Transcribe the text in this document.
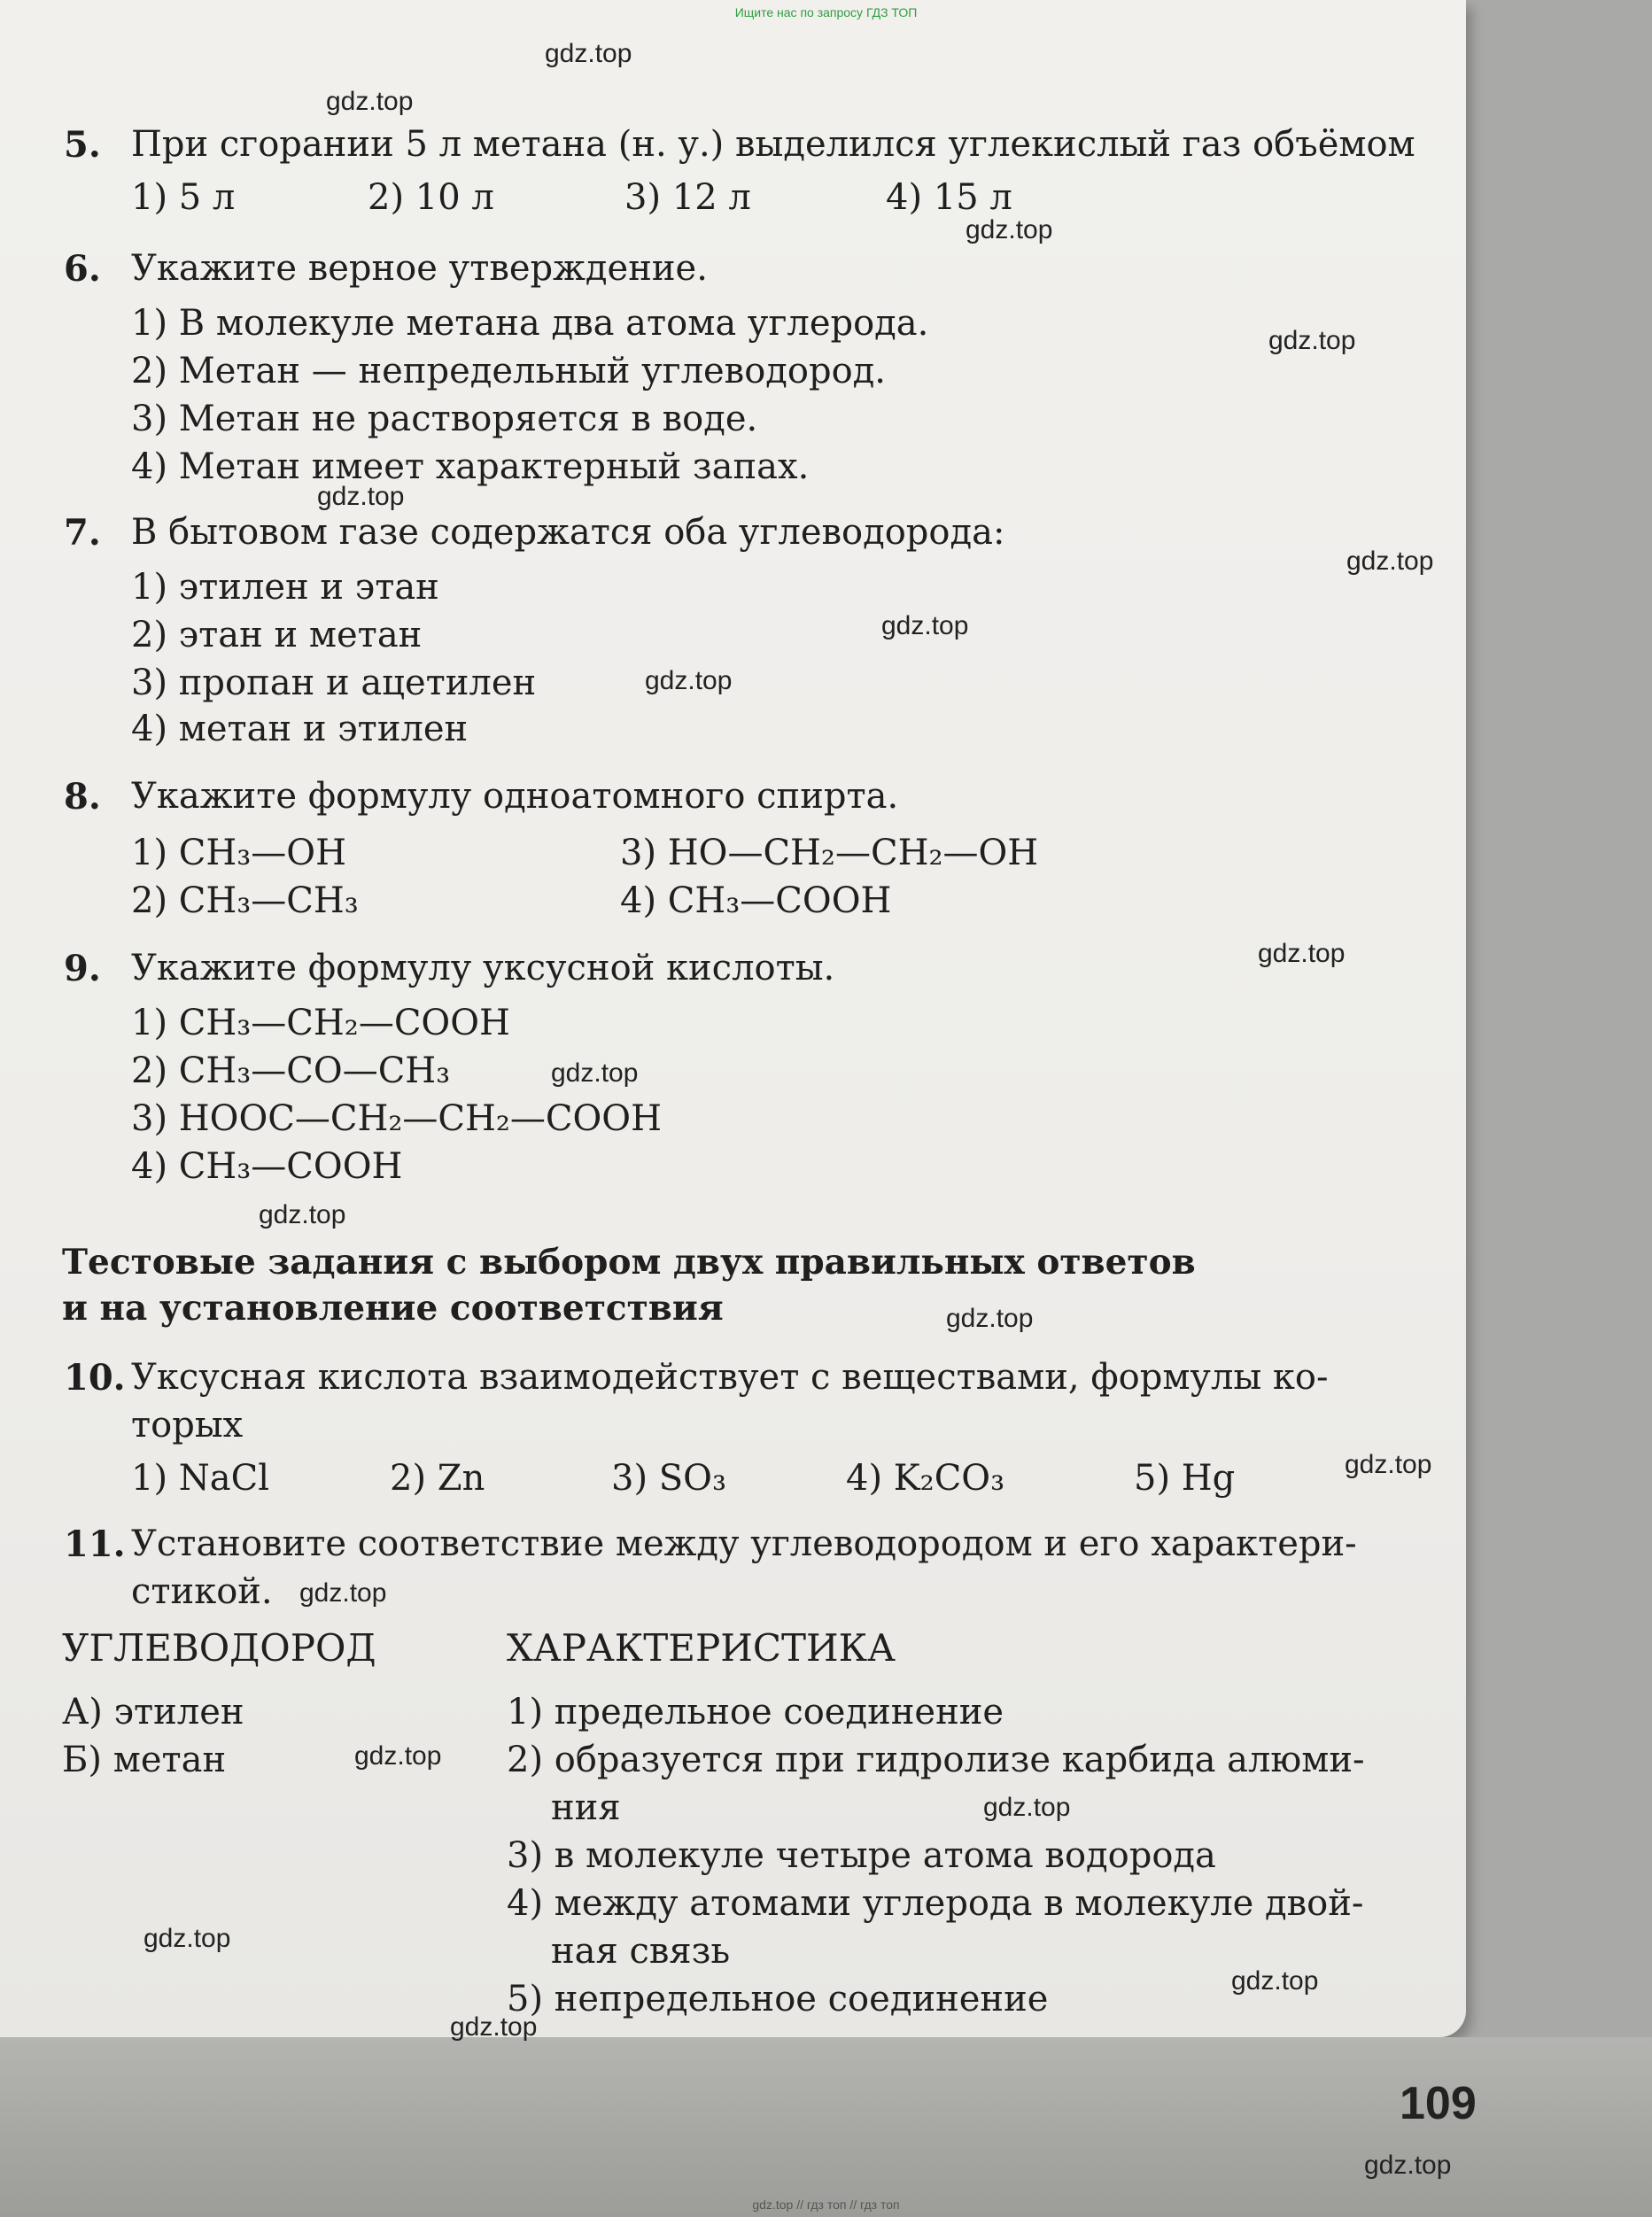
Ищите нас по запросу ГДЗ ТОП
5. При сгорании 5 л метана (н. у.) выделился углекислый газ объёмом
1) 5 л	2) 10 л	3) 12 л	4) 15 л
6. Укажите верное утверждение.
1) В молекуле метана два атома углерода.
2) Метан — непредельный углеводород.
3) Метан не растворяется в воде.
4) Метан имеет характерный запах.
7. В бытовом газе содержатся оба углеводорода:
1) этилен и этан
2) этан и метан
3) пропан и ацетилен
4) метан и этилен
8. Укажите формулу одноатомного спирта.
1) CH₃—OH	3) HO—CH₂—CH₂—OH
2) CH₃—CH₃	4) CH₃—COOH
9. Укажите формулу уксусной кислоты.
1) CH₃—CH₂—COOH
2) CH₃—CO—CH₃
3) HOOC—CH₂—CH₂—COOH
4) CH₃—COOH
Тестовые задания с выбором двух правильных ответов
и на установление соответствия
10. Уксусная кислота взаимодействует с веществами, формулы ко-
торых
1) NaCl	2) Zn	3) SO₃	4) K₂CO₃	5) Hg
11. Установите соответствие между углеводородом и его характери-
стикой.
УГЛЕВОДОРОД	ХАРАКТЕРИСТИКА
А) этилен
Б) метан
1) предельное соединение
2) образуется при гидролизе карбида алюми-
ния
3) в молекуле четыре атома водорода
4) между атомами углерода в молекуле двой-
ная связь
5) непредельное соединение
gdz.top
gdz.top
gdz.top
gdz.top
gdz.top
gdz.top
gdz.top
gdz.top
gdz.top
gdz.top
gdz.top
gdz.top
gdz.top
gdz.top
gdz.top
gdz.top
gdz.top
gdz.top
gdz.top
gdz.top
109
gdz.top // гдз топ // гдз топ
